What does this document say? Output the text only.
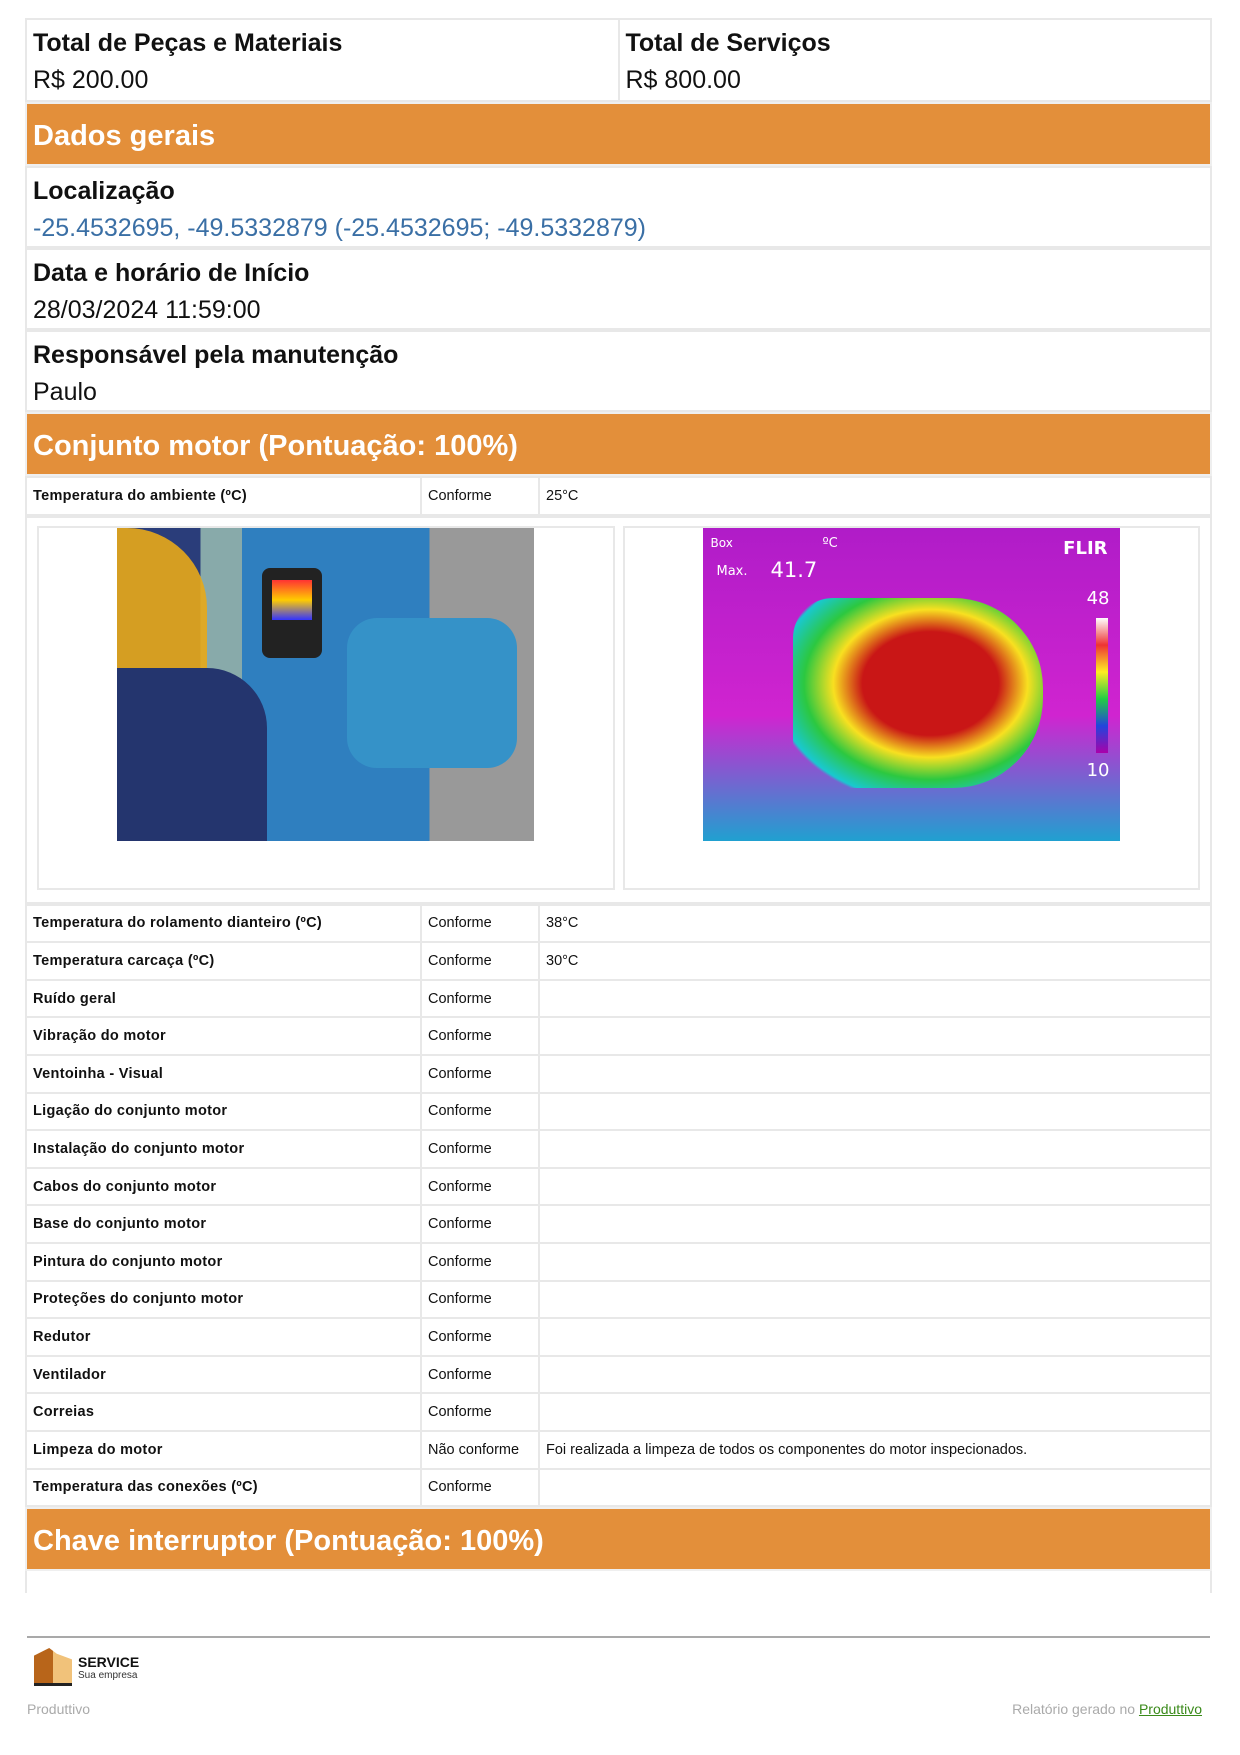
Total de Peças e Materiais
R$ 200.00
Total de Serviços
R$ 800.00
Dados gerais
Localização
-25.4532695, -49.5332879 (-25.4532695; -49.5332879)
Data e horário de Início
28/03/2024 11:59:00
Responsável pela manutenção
Paulo
Conjunto motor (Pontuação: 100%)
Temperatura do ambiente (ºC)	Conforme	25°C
Box	ºC
Max. 41.7
FLIR
48
10
Temperatura do rolamento dianteiro (ºC)	Conforme	38°C
Temperatura carcaça (ºC)	Conforme	30°C
Ruído geral	Conforme	
Vibração do motor	Conforme	
Ventoinha - Visual	Conforme	
Ligação do conjunto motor	Conforme	
Instalação do conjunto motor	Conforme	
Cabos do conjunto motor	Conforme	
Base do conjunto motor	Conforme	
Pintura do conjunto motor	Conforme	
Proteções do conjunto motor	Conforme	
Redutor	Conforme	
Ventilador	Conforme	
Correias	Conforme	
Limpeza do motor	Não conforme	Foi realizada a limpeza de todos os componentes do motor inspecionados.
Temperatura das conexões (ºC)	Conforme	
Chave interruptor (Pontuação: 100%)
SERVICE
Sua empresa
Produttivo	Relatório gerado no Produttivo
